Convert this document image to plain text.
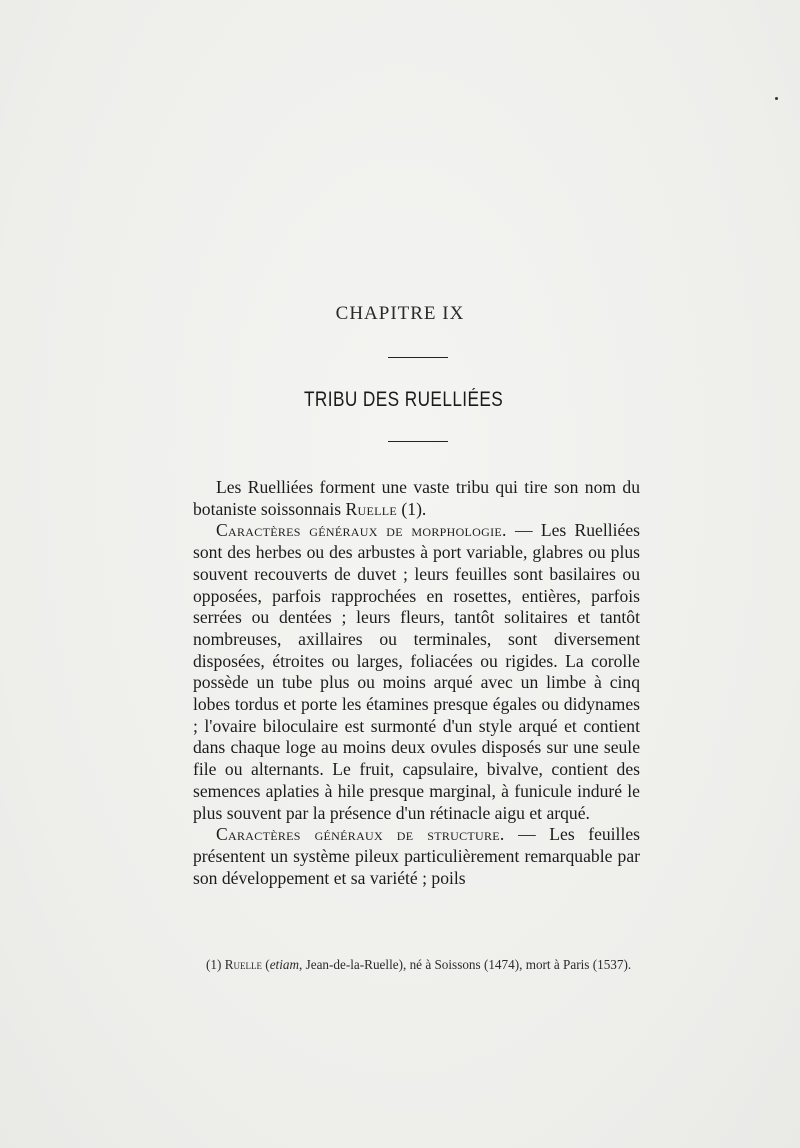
CHAPITRE IX
TRIBU DES RUELLIÉES

Les Ruelliées forment une vaste tribu qui tire son nom du botaniste soissonnais Ruelle (1).

Caractères généraux de morphologie. — Les Ruelliées sont des herbes ou des arbustes à port variable, glabres ou plus souvent recouverts de duvet ; leurs feuilles sont basilaires ou opposées, parfois rapprochées en rosettes, entières, parfois serrées ou dentées ; leurs fleurs, tantôt solitaires et tantôt nombreuses, axillaires ou terminales, sont diversement disposées, étroites ou larges, foliacées ou rigides. La corolle possède un tube plus ou moins arqué avec un limbe à cinq lobes tordus et porte les étamines presque égales ou didynames ; l'ovaire biloculaire est surmonté d'un style arqué et contient dans chaque loge au moins deux ovules disposés sur une seule file ou alternants. Le fruit, capsulaire, bivalve, contient des semences aplaties à hile presque marginal, à funicule induré le plus souvent par la présence d'un rétinacle aigu et arqué.

Caractères généraux de structure. — Les feuilles présentent un système pileux particulièrement remarquable par son développement et sa variété ; poils

(1) Ruelle (etiam, Jean-de-la-Ruelle), né à Soissons (1474), mort à Paris (1537).
